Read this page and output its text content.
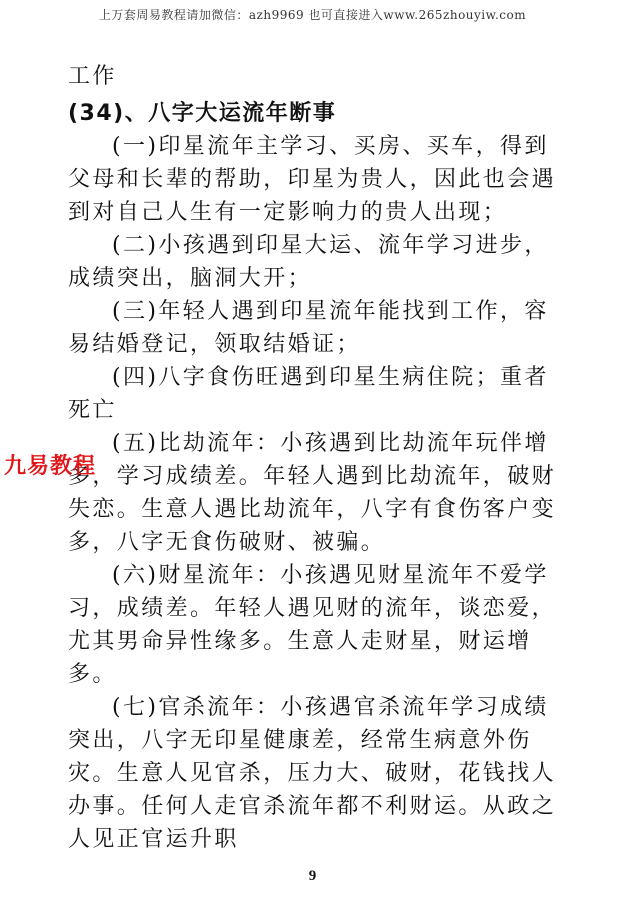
上万套周易教程请加微信：azh9969 也可直接进入www.265zhouyiw.com

工作

(34)、八字大运流年断事

(一)印星流年主学习、买房、买车，得到父母和长辈的帮助，印星为贵人，因此也会遇到对自己人生有一定影响力的贵人出现；

(二)小孩遇到印星大运、流年学习进步，成绩突出，脑洞大开；

(三)年轻人遇到印星流年能找到工作，容易结婚登记，领取结婚证；

(四)八字食伤旺遇到印星生病住院；重者死亡

(五)比劫流年：小孩遇到比劫流年玩伴增多，学习成绩差。年轻人遇到比劫流年，破财失恋。生意人遇比劫流年，八字有食伤客户变多，八字无食伤破财、被骗。

(六)财星流年：小孩遇见财星流年不爱学习，成绩差。年轻人遇见财的流年，谈恋爱，尤其男命异性缘多。生意人走财星，财运增多。

(七)官杀流年：小孩遇官杀流年学习成绩突出，八字无印星健康差，经常生病意外伤灾。生意人见官杀，压力大、破财，花钱找人办事。任何人走官杀流年都不利财运。从政之人见正官运升职

九易教程
9
